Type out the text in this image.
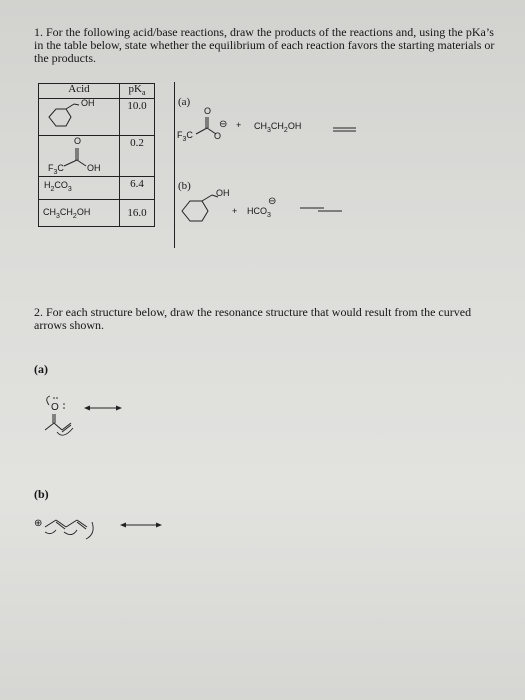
1. For the following acid/base reactions, draw the products of the reactions and, using the pKa’s in the table below, state whether the equilibrium of each reaction favors the starting materials or the products.
Acid	$pK_a$

OH	10.0

O
$F_3C$ OH	0.2

$H_2CO_3$	6.4

$_{CH_3CH_2OH}$	16.0
(a)
O
$F_3C$ O
⊖ + $CH_3CH_2OH$
(b)
OH
+ $HCO_3$
⊖
2. For each structure below, draw the resonance structure that would result from the curved arrows shown.
(a)
(b)
O
⊕
